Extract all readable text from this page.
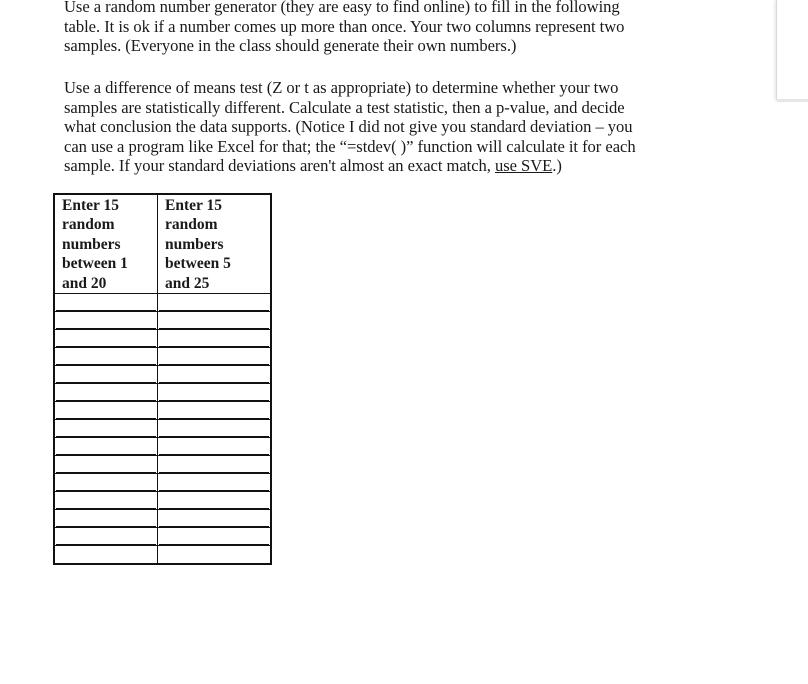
Use a random number generator (they are easy to find online) to fill in the following

table. It is ok if a number comes up more than once. Your two columns represent two

samples. (Everyone in the class should generate their own numbers.)

Use a difference of means test (Z or t as appropriate) to determine whether your two

samples are statistically different. Calculate a test statistic, then a p-value, and decide

what conclusion the data supports. (Notice I did not give you standard deviation – you

can use a program like Excel for that; the “=stdev( )” function will calculate it for each

sample. If your standard deviations aren't almost an exact match, use SVE.)

Enter 15
random
numbers
between 1
and 20	Enter 15
random
numbers
between 5
and 25
